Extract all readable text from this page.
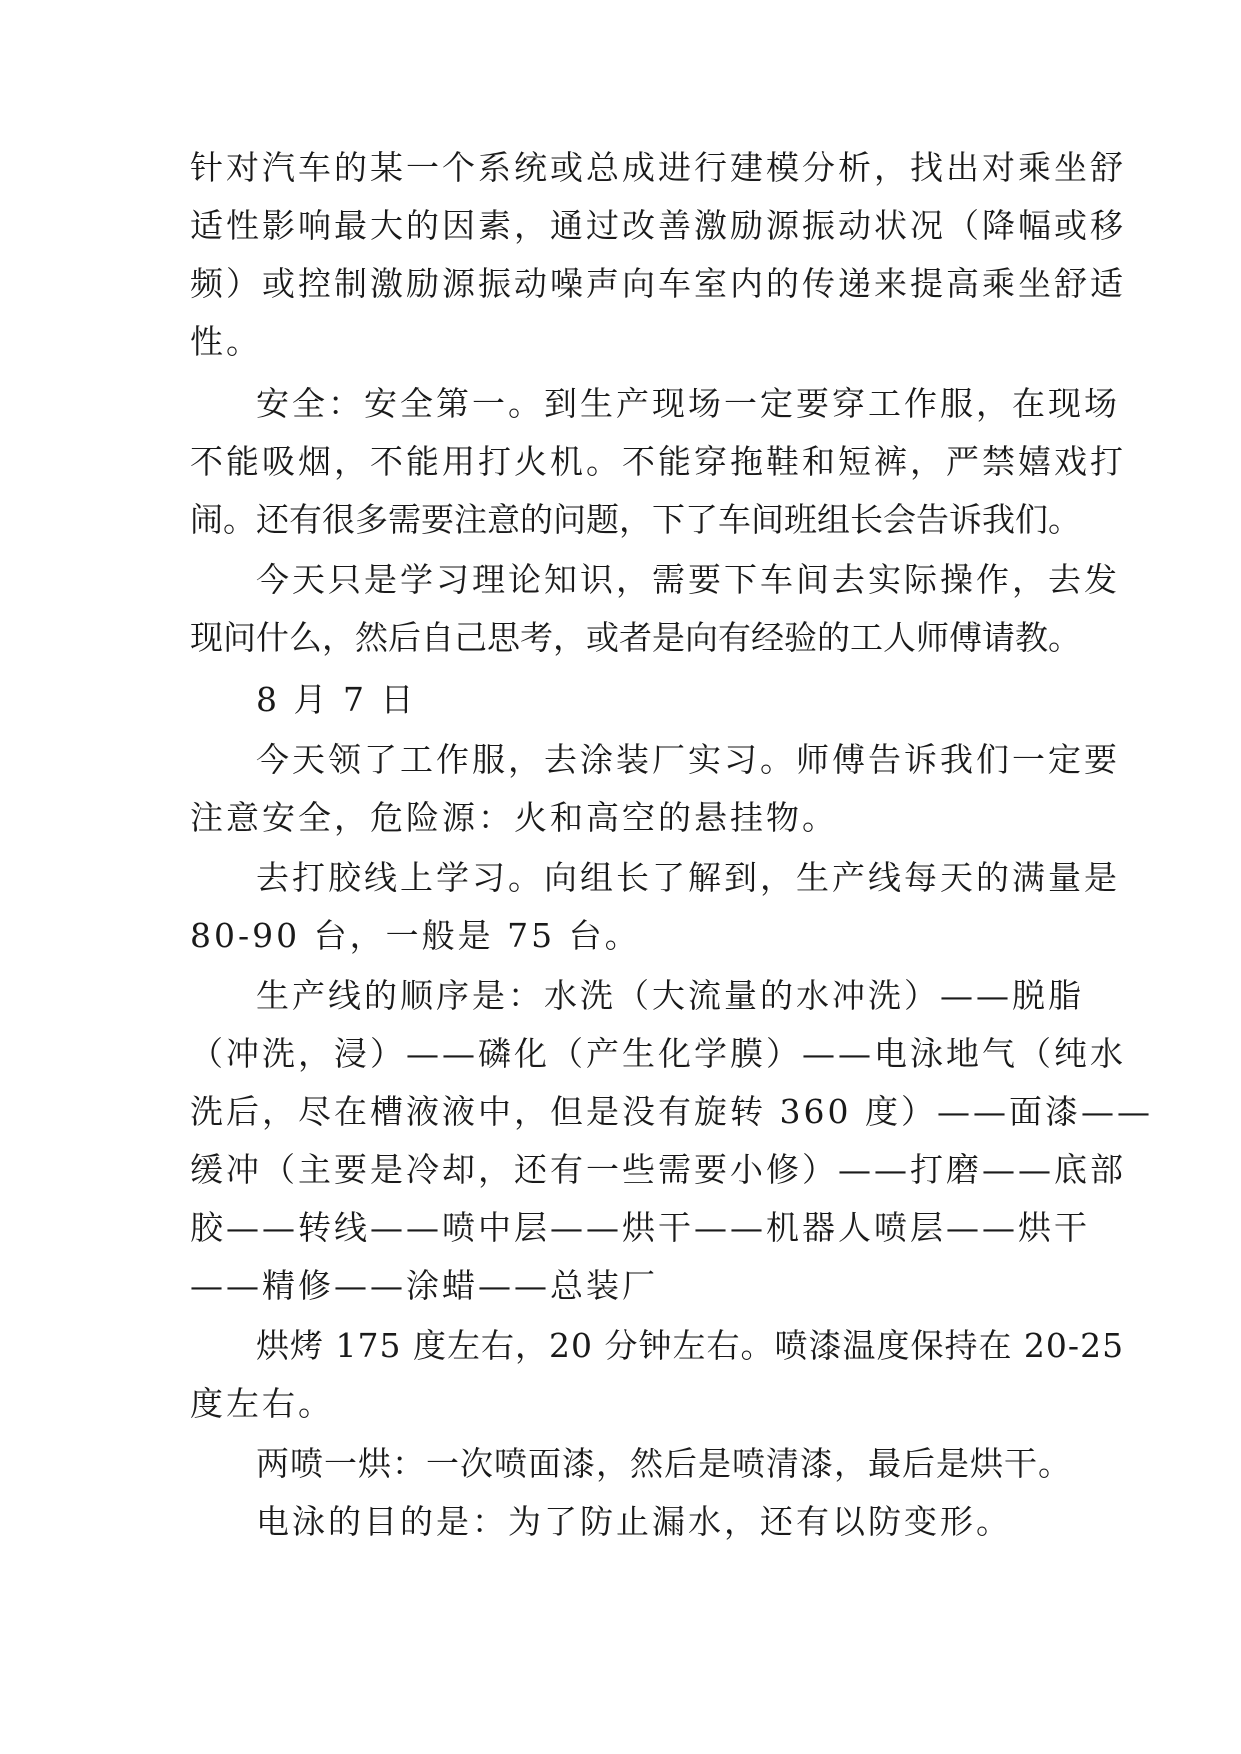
针对汽车的某一个系统或总成进行建模分析，找出对乘坐舒
适性影响最大的因素，通过改善激励源振动状况（降幅或移
频）或控制激励源振动噪声向车室内的传递来提高乘坐舒适
性。
安全：安全第一。到生产现场一定要穿工作服，在现场
不能吸烟，不能用打火机。不能穿拖鞋和短裤，严禁嬉戏打
闹。还有很多需要注意的问题，下了车间班组长会告诉我们。
今天只是学习理论知识，需要下车间去实际操作，去发
现问什么，然后自己思考，或者是向有经验的工人师傅请教。
8 月 7 日
今天领了工作服，去涂装厂实习。师傅告诉我们一定要
注意安全，危险源：火和高空的悬挂物。
去打胶线上学习。向组长了解到，生产线每天的满量是
80-90 台，一般是 75 台。
生产线的顺序是：水洗（大流量的水冲洗）——脱脂
（冲洗，浸）——磷化（产生化学膜）——电泳地气（纯水
洗后，尽在槽液液中，但是没有旋转 360 度）——面漆——
缓冲（主要是冷却，还有一些需要小修）——打磨——底部
胶——转线——喷中层——烘干——机器人喷层——烘干
——精修——涂蜡——总装厂
烘烤 175 度左右，20 分钟左右。喷漆温度保持在 20-25
度左右。
两喷一烘：一次喷面漆，然后是喷清漆，最后是烘干。
电泳的目的是：为了防止漏水，还有以防变形。
